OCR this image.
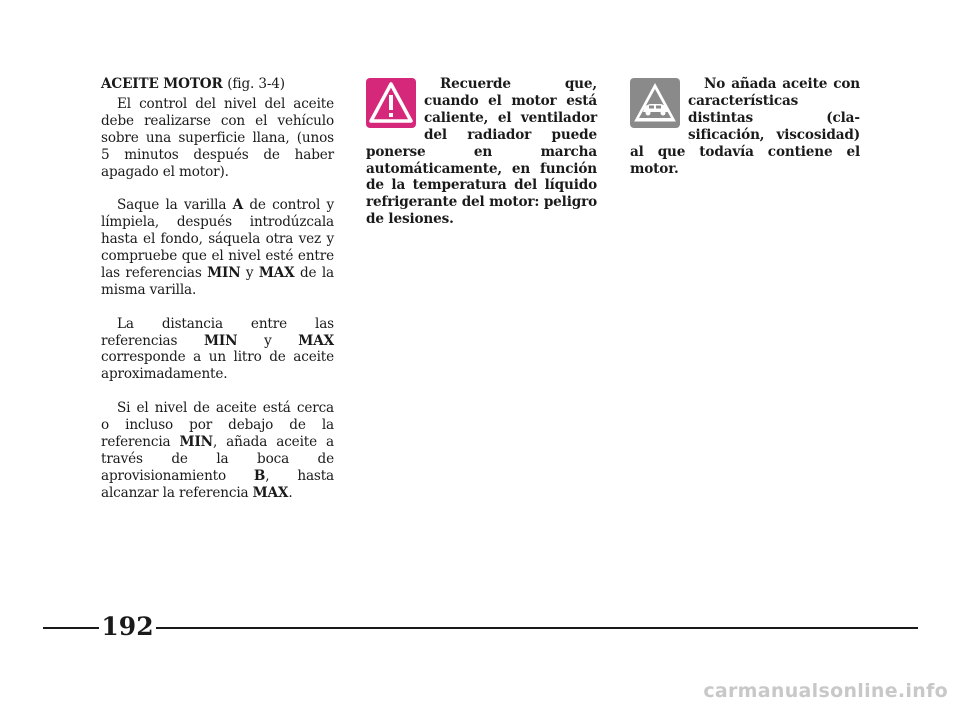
ACEITE MOTOR (fig. 3-4)

El control del nivel del aceite debe realizarse con el vehículo sobre una superficie llana, (unos 5 minutos después de haber apagado el motor).

Saque la varilla A de control y límpiela, después introdúzcala hasta el fondo, sáquela otra vez y compruebe que el nivel esté entre las referencias MIN y MAX de la misma varilla.

La distancia entre las referencias MIN y MAX corresponde a un litro de aceite aproximadamente.

Si el nivel de aceite está cerca o incluso por debajo de la referencia MIN, añada aceite a través de la boca de aprovisionamiento B, hasta alcanzar la referencia MAX.

Recuerde que, cuando el motor está caliente, el ventilador del radiador puede ponerse en marcha automáticamente, en función de la temperatura del líquido refrigerante del motor: peligro de lesiones.

No añada aceite con características distintas (clasificación, viscosidad) al que todavía contiene el motor.

192
carmanualsonline.info
